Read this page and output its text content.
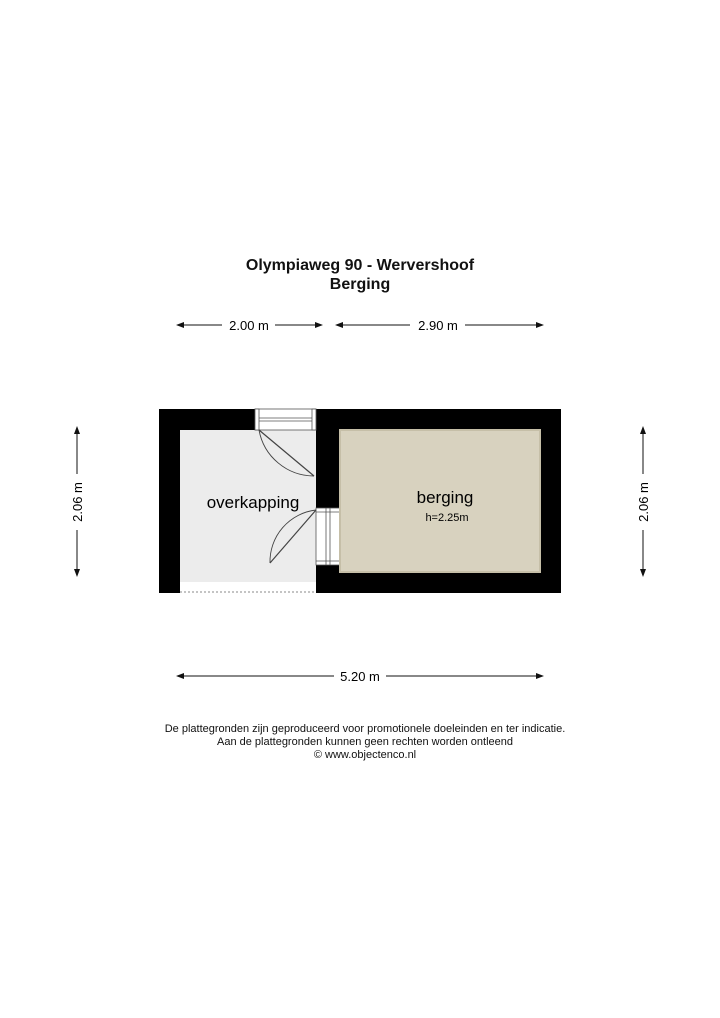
Olympiaweg 90 - Wervershoof
Berging
2.00 m	2.90 m
2.06 m	2.06 m
overkapping	berging
h=2.25m
5.20 m
De plattegronden zijn geproduceerd voor promotionele doeleinden en ter indicatie.
Aan de plattegronden kunnen geen rechten worden ontleend
© www.objectenco.nl
